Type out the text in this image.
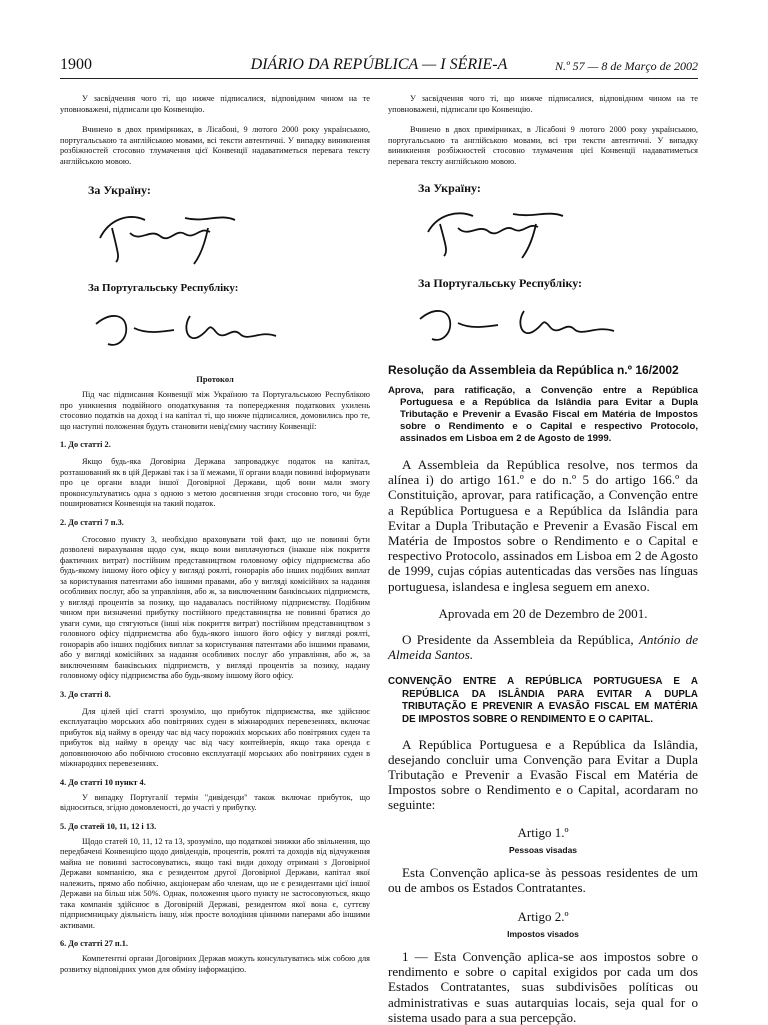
1900	DIÁRIO DA REPÚBLICA — I SÉRIE-A	N.º 57 — 8 de Março de 2002

У засвідчення чого ті, що нижче підписалися, відповідним чином на те уповноважені, підписали цю Конвенцію.

Вчинено в двох примірниках, в Лісабоні, 9 лютого 2000 року українською, португальською та англійською мовами, всі тексти автентичні. У випадку виникнення розбіжностей стосовно тлумачення цієї Конвенції надаватиметься перевага тексту англійською мовою.

За Україну:

За Португальську Республіку:

Протокол

Під час підписання Конвенції між Україною та Португальською Республікою про уникнення подвійного оподаткування та попередження податкових ухилень стосовно податків на доход і на капітал ті, що нижче підписалися, домовились про те, що наступні положення будуть становити невід'ємну частину Конвенції:

1. До статті 2.

Якщо будь-яка Договірна Держава запроваджує податок на капітал, розташований як в цій Державі так і за її межами, її органи влади повинні інформувати про це органи влади іншої Договірної Держави, щоб вони мали змогу проконсультуватись одна з одною з метою досягнення згоди стосовно того, чи буде поширюватися Конвенція на такий податок.

2. До статті 7 п.3.

Стосовно пункту 3, необхідно враховувати той факт, що не повинні бути дозволені вирахування щодо сум, якщо вони виплачуються (інакше ніж покриття фактичних витрат) постійним представництвом головному офісу підприємства або будь-якому іншому його офісу у вигляді роялті, гонорарів або інших подібних виплат за користування патентами або іншими правами, або у вигляді комісійних за надання особливих послуг, або за управління, або ж, за виключенням банківських підприємств, у вигляді процентів за позику, що надавалась постійному підприємству. Подібним чином при визначенні прибутку постійного представництва не повинні братися до уваги суми, що стягуються (інші ніж покриття витрат) постійним представництвом з головного офісу підприємства або будь-якого іншого його офісу у вигляді роялті, гонорарів або інших подібних виплат за користування патентами або іншими правами, або у вигляді комісійних за надання особливих послуг або управління, або ж, за виключенням банківських підприємств, у вигляді процентів за позику, надану головному офісу підприємства або будь-якому іншому його офісу.

3. До статті 8.

Для цілей цієї статті зрозуміло, що прибуток підприємства, яке здійснює експлуатацію морських або повітряних суден в міжнародних перевезеннях, включає прибуток від найму в оренду час від часу порожніх морських або повітряних суден та прибуток від найму в оренду час від часу контейнерів, якщо така оренда є доповнюючою або побічною стосовно експлуатації морських або повітряних суден в міжнародних перевезеннях.

4. До статті 10 пункт 4.

У випадку Португалії термін "дивіденди" також включає прибуток, що відноситься, згідно домовленості, до участі у прибутку.

5. До статей 10, 11, 12 і 13.

Щодо статей 10, 11, 12 та 13, зрозуміло, що податкові знижки або звільнення, що передбачені Конвенцією щодо дивідендів, процентів, роялті та доходів від відчуження майна не повинні застосовуватись, якщо такі види доходу отримані з Договірної Держави компанією, яка є резидентом другої Договірної Держави, капітал якої належить, прямо або побічно, акціонерам або членам, що не є резидентами цієї іншої Держави на більш ніж 50%. Однак, положення цього пункту не застосовуються, якщо така компанія здійснює в Договірній Державі, резидентом якої вона є, суттєву підприємницьку діяльність іншу, ніж просте володіння цінними паперами або іншими активами.

6. До статті 27 п.1.

Компетентні органи Договірних Держав можуть консультуватись між собою для розвитку відповідних умов для обміну інформацією.

У засвідчення чого ті, що нижче підписалися, відповідним чином на те уповноважені, підписали цю Конвенцію.

Вчинено в двох примірниках, в Лісабоні 9 лютого 2000 року українською, португальською та англійською мовами, всі три тексти автентичні. У випадку виникнення розбіжностей стосовно тлумачення цієї Конвенції надаватиметься перевага тексту англійською мовою.

За Україну:

За Португальську Республіку:

Resolução da Assembleia da República n.º 16/2002

Aprova, para ratificação, a Convenção entre a República Portuguesa e a República da Islândia para Evitar a Dupla Tributação e Prevenir a Evasão Fiscal em Matéria de Impostos sobre o Rendimento e o Capital e respectivo Protocolo, assinados em Lisboa em 2 de Agosto de 1999.

A Assembleia da República resolve, nos termos da alínea i) do artigo 161.º e do n.º 5 do artigo 166.º da Constituição, aprovar, para ratificação, a Convenção entre a República Portuguesa e a República da Islândia para Evitar a Dupla Tributação e Prevenir a Evasão Fiscal em Matéria de Impostos sobre o Rendimento e o Capital e respectivo Protocolo, assinados em Lisboa em 2 de Agosto de 1999, cujas cópias autenticadas das versões nas línguas portuguesa, islandesa e inglesa seguem em anexo.

Aprovada em 20 de Dezembro de 2001.

O Presidente da Assembleia da República, António de Almeida Santos.

CONVENÇÃO ENTRE A REPÚBLICA PORTUGUESA E A REPÚBLICA DA ISLÂNDIA PARA EVITAR A DUPLA TRIBUTAÇÃO E PREVENIR A EVASÃO FISCAL EM MATÉRIA DE IMPOSTOS SOBRE O RENDIMENTO E O CAPITAL.

A República Portuguesa e a República da Islândia, desejando concluir uma Convenção para Evitar a Dupla Tributação e Prevenir a Evasão Fiscal em Matéria de Impostos sobre o Rendimento e o Capital, acordaram no seguinte:

Artigo 1.º

Pessoas visadas

Esta Convenção aplica-se às pessoas residentes de um ou de ambos os Estados Contratantes.

Artigo 2.º

Impostos visados

1 — Esta Convenção aplica-se aos impostos sobre o rendimento e sobre o capital exigidos por cada um dos Estados Contratantes, suas subdivisões políticas ou administrativas e suas autarquias locais, seja qual for o sistema usado para a sua percepção.
